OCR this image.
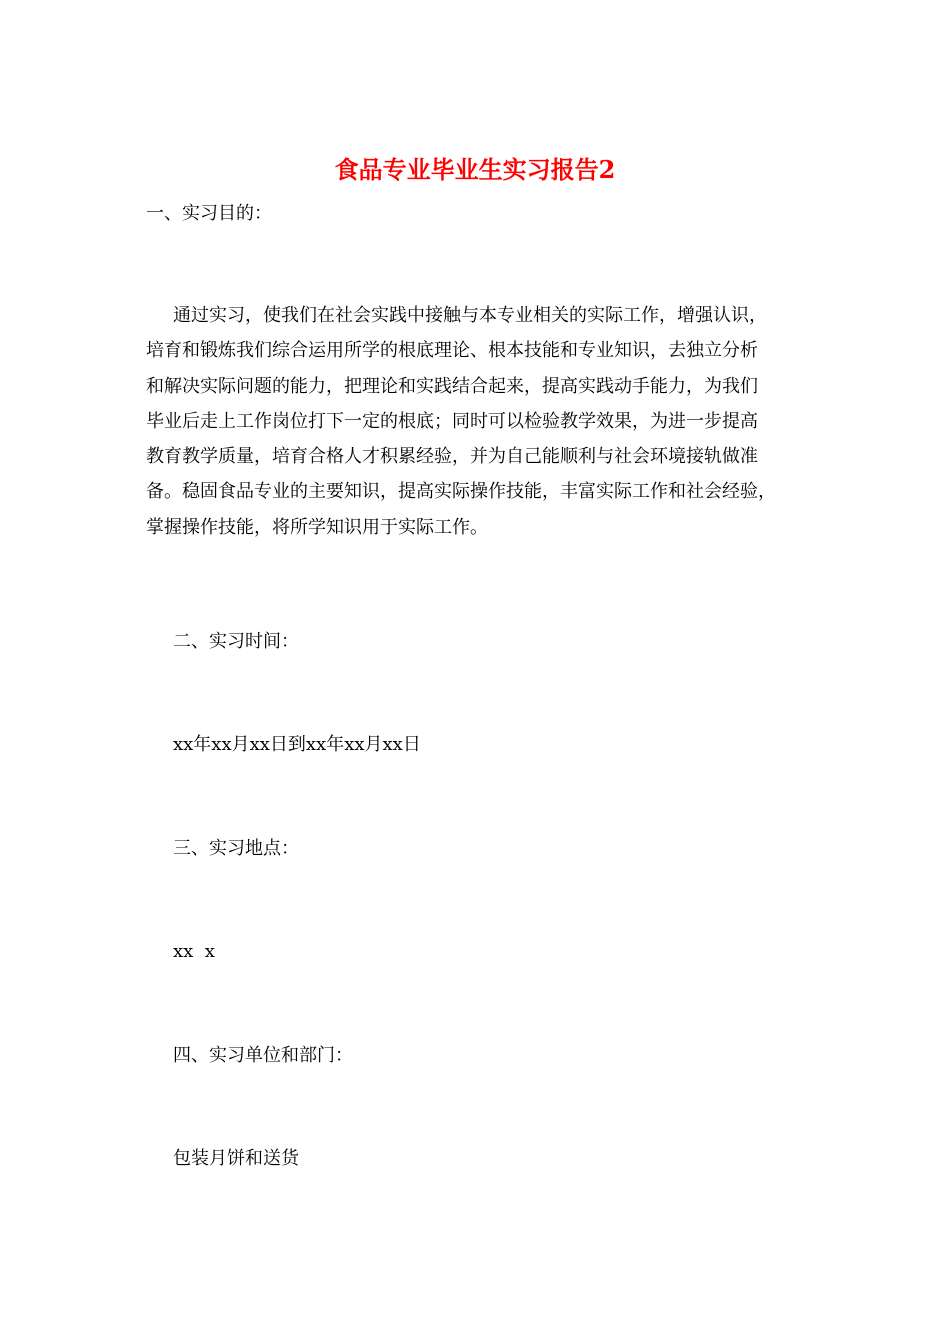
食品专业毕业生实习报告2
一、实习目的：
通过实习，使我们在社会实践中接触与本专业相关的实际工作，增强认识，
培育和锻炼我们综合运用所学的根底理论、根本技能和专业知识，去独立分析
和解决实际问题的能力，把理论和实践结合起来，提高实践动手能力，为我们
毕业后走上工作岗位打下一定的根底；同时可以检验教学效果，为进一步提高
教育教学质量，培育合格人才积累经验，并为自己能顺利与社会环境接轨做准
备。稳固食品专业的主要知识，提高实际操作技能，丰富实际工作和社会经验，
掌握操作技能，将所学知识用于实际工作。
二、实习时间：
xx年xx月xx日到xx年xx月xx日
三、实习地点：
xx  x
四、实习单位和部门：
包装月饼和送货
